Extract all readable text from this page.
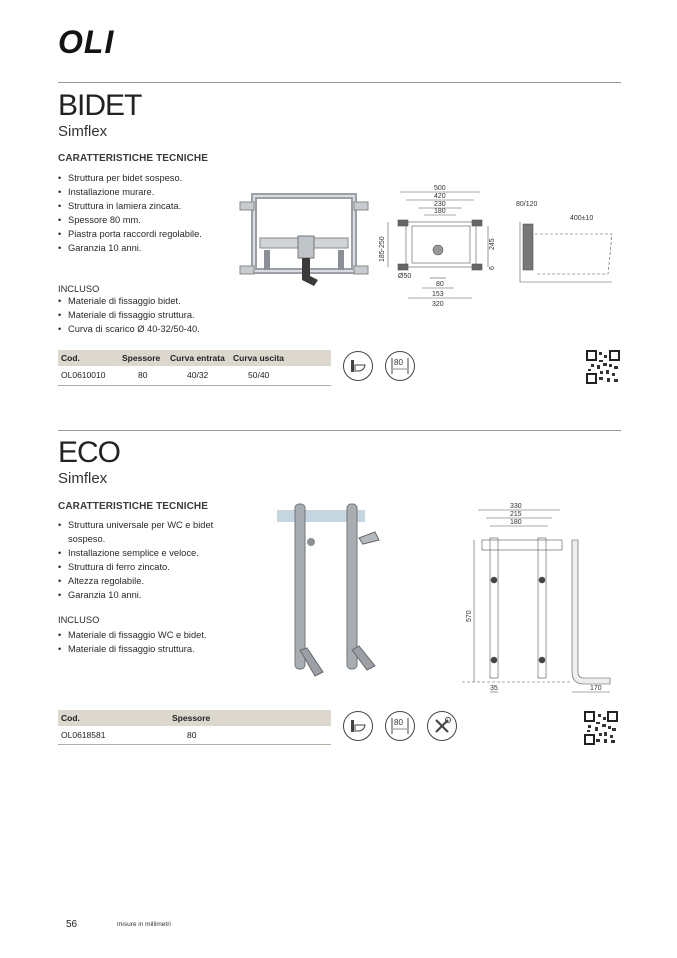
OLI
BIDET
Simflex
CARATTERISTICHE TECNICHE
• Struttura per bidet sospeso.
• Installazione murare.
• Struttura in lamiera zincata.
• Spessore 80 mm.
• Piastra porta raccordi regolabile.
• Garanzia 10 anni.
INCLUSO
• Materiale di fissaggio bidet.
• Materiale di fissaggio struttura.
• Curva di scarico Ø 40-32/50-40.
500
420
230
180
80
153
320
Ø50
185-250	245
6
80/120
400±10
Cod.	Spessore Curva entrata Curva uscita
OL0610010	80	40/32	50/40
80
ECO
Simflex
CARATTERISTICHE TECNICHE
• Struttura universale per WC e bidet sospeso.
• Installazione semplice e veloce.
• Struttura di ferro zincato.
• Altezza regolabile.
• Garanzia 10 anni.
INCLUSO
• Materiale di fissaggio WC e bidet.
• Materiale di fissaggio struttura.
330
215
180
570
35	170
Cod.	Spessore
OL0618581	80
80
56	misure in millimetri
